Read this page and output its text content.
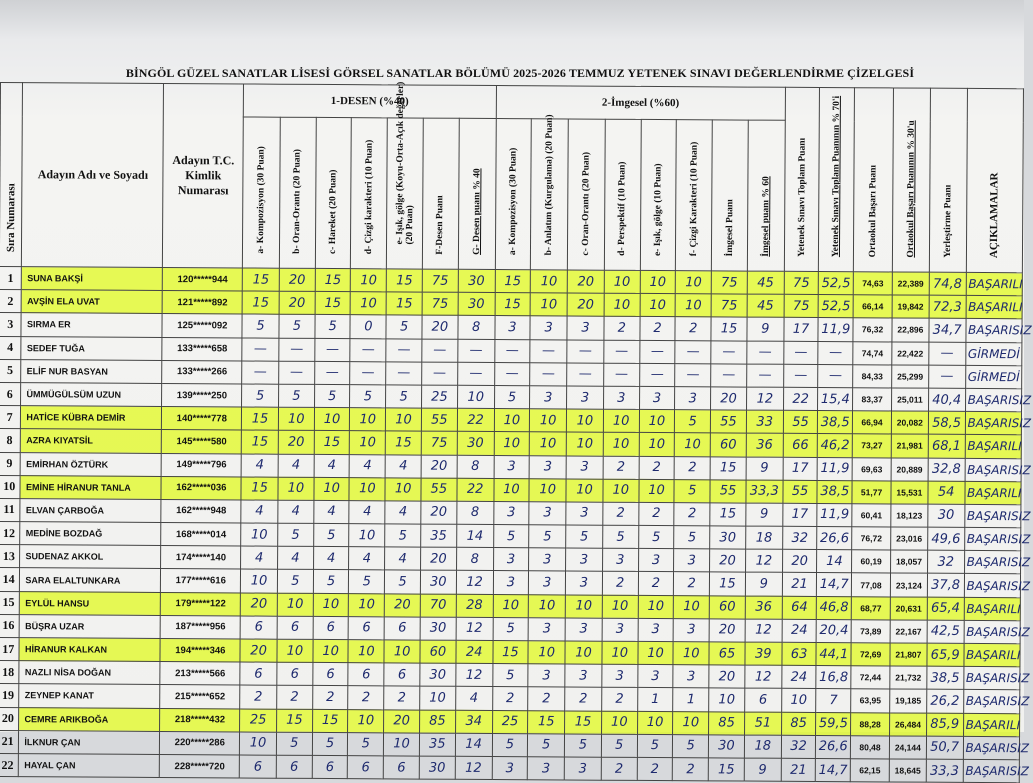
BİNGÖL GÜZEL SANATLAR LİSESİ GÖRSEL SANATLAR BÖLÜMÜ 2025-2026 TEMMUZ YETENEK SINAVI DEĞERLENDİRME ÇİZELGESİ
Sıra Numarası	Adayın Adı ve Soyadı	Adayın T.C. Kimlik Numarası	1-DESEN (%40)							2-İmgesel (%60)								Yetenek Sınavı Toplam Puanı	Yetenek Sınavı Toplam Puanının % 70'i	Ortaokul Başarı Puanı	Ortaokul Başarı Puanının % 30'u	Yerleştirme Puanı	AÇIKLAMALAR

			a- Kompozisyon (30 Puan)	b- Oran-Orantı (20 Puan)	c- Hareket (20 Puan)	d- Çizgi karakteri (10 Puan)	e- Işık, gölge (Koyu-Orta-Açık değerler) (20 Puan)	F-Desen Puanı	G- Desen puanı % 40	a- Kompozisyon (30 Puan)	b- Anlatım (Kurgulama) (20 Puan)	c- Oran-Orantı (20 Puan)	d- Perspektif (10 Puan)	e- Işık, gölge (10 Puan)	f- Çizgi Karakteri (10 Puan)	İmgesel Puanı	İmgesel puanı % 60						

1	SUNA BAKŞİ	120*****944	15	20	15	10	15	75	30	15	10	20	10	10	10	75	45	75	52,5	74,63	22,389	74,8	BAŞARILI
2	AVŞİN ELA UVAT	121*****892	15	20	15	10	15	75	30	15	10	20	10	10	10	75	45	75	52,5	66,14	19,842	72,3	BAŞARILI
3	SIRMA ER	125*****092	5	5	5	0	5	20	8	3	3	3	2	2	2	15	9	17	11,9	76,32	22,896	34,7	BAŞARISIZ
4	SEDEF TUĞA	133*****658	—	—	—	—	—	—	—	—	—	—	—	—	—	—	—	—	—	74,74	22,422	—	GİRMEDİ
5	ELİF NUR BASYAN	133*****266	—	—	—	—	—	—	—	—	—	—	—	—	—	—	—	—	—	84,33	25,299	—	GİRMEDİ
6	ÜMMÜGÜLSÜM UZUN	139*****250	5	5	5	5	5	25	10	5	3	3	3	3	3	20	12	22	15,4	83,37	25,011	40,4	BAŞARISIZ
7	HATİCE KÜBRA DEMİR	140*****778	15	10	10	10	10	55	22	10	10	10	10	10	5	55	33	55	38,5	66,94	20,082	58,5	BAŞARISIZ
8	AZRA KIYATSİL	145*****580	15	20	15	10	15	75	30	10	10	10	10	10	10	60	36	66	46,2	73,27	21,981	68,1	BAŞARILI
9	EMİRHAN ÖZTÜRK	149*****796	4	4	4	4	4	20	8	3	3	3	2	2	2	15	9	17	11,9	69,63	20,889	32,8	BAŞARISIZ
10	EMİNE HİRANUR TANLA	162*****036	15	10	10	10	10	55	22	10	10	10	10	10	5	55	33,3	55	38,5	51,77	15,531	54	BAŞARILI
11	ELVAN ÇARBOĞA	162*****948	4	4	4	4	4	20	8	3	3	3	2	2	2	15	9	17	11,9	60,41	18,123	30	BAŞARISIZ
12	MEDİNE BOZDAĞ	168*****014	10	5	5	10	5	35	14	5	5	5	5	5	5	30	18	32	26,6	76,72	23,016	49,6	BAŞARISIZ
13	SUDENAZ AKKOL	174*****140	4	4	4	4	4	20	8	3	3	3	3	3	3	20	12	20	14	60,19	18,057	32	BAŞARISIZ
14	SARA ELALTUNKARA	177*****616	10	5	5	5	5	30	12	3	3	3	2	2	2	15	9	21	14,7	77,08	23,124	37,8	BAŞARISIZ
15	EYLÜL HANSU	179*****122	20	10	10	10	20	70	28	10	10	10	10	10	10	60	36	64	46,8	68,77	20,631	65,4	BAŞARILI
16	BÜŞRA UZAR	187*****956	6	6	6	6	6	30	12	5	3	3	3	3	3	20	12	24	20,4	73,89	22,167	42,5	BAŞARISIZ
17	HİRANUR KALKAN	194*****346	20	10	10	10	10	60	24	15	10	10	10	10	10	65	39	63	44,1	72,69	21,807	65,9	BAŞARILI
18	NAZLI NİSA DOĞAN	213*****566	6	6	6	6	6	30	12	5	3	3	3	3	3	20	12	24	16,8	72,44	21,732	38,5	BAŞARISIZ
19	ZEYNEP KANAT	215*****652	2	2	2	2	2	10	4	2	2	2	2	1	1	10	6	10	7	63,95	19,185	26,2	BAŞARISIZ
20	CEMRE ARIKBOĞA	218*****432	25	15	15	10	20	85	34	25	15	15	10	10	10	85	51	85	59,5	88,28	26,484	85,9	BAŞARILI
21	İLKNUR ÇAN	220*****286	10	5	5	5	10	35	14	5	5	5	5	5	5	30	18	32	26,6	80,48	24,144	50,7	BAŞARISIZ
22	HAYAL ÇAN	228*****720	6	6	6	6	6	30	12	3	3	3	2	2	2	15	9	21	14,7	62,15	18,645	33,3	BAŞARISIZ
